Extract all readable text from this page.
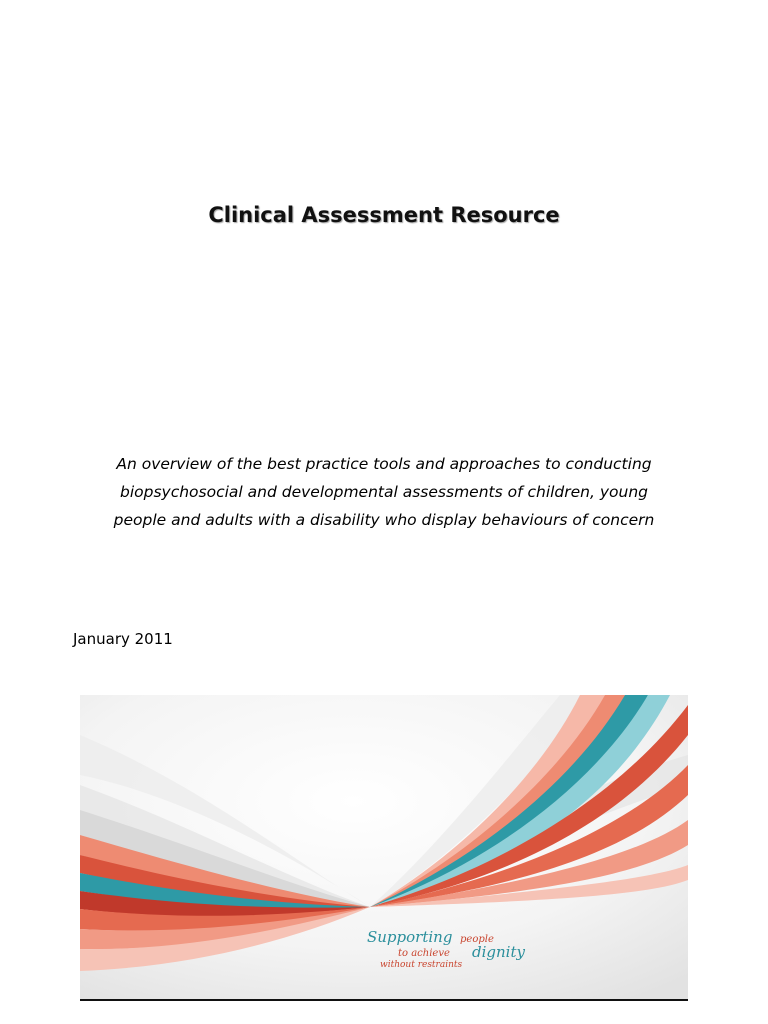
Clinical Assessment Resource
An overview of the best practice tools and approaches to conducting
biopsychosocial and developmental assessments of children, young
people and adults with a disability who display behaviours of concern
January 2011
Supporting people
to achieve dignity
without restraints
